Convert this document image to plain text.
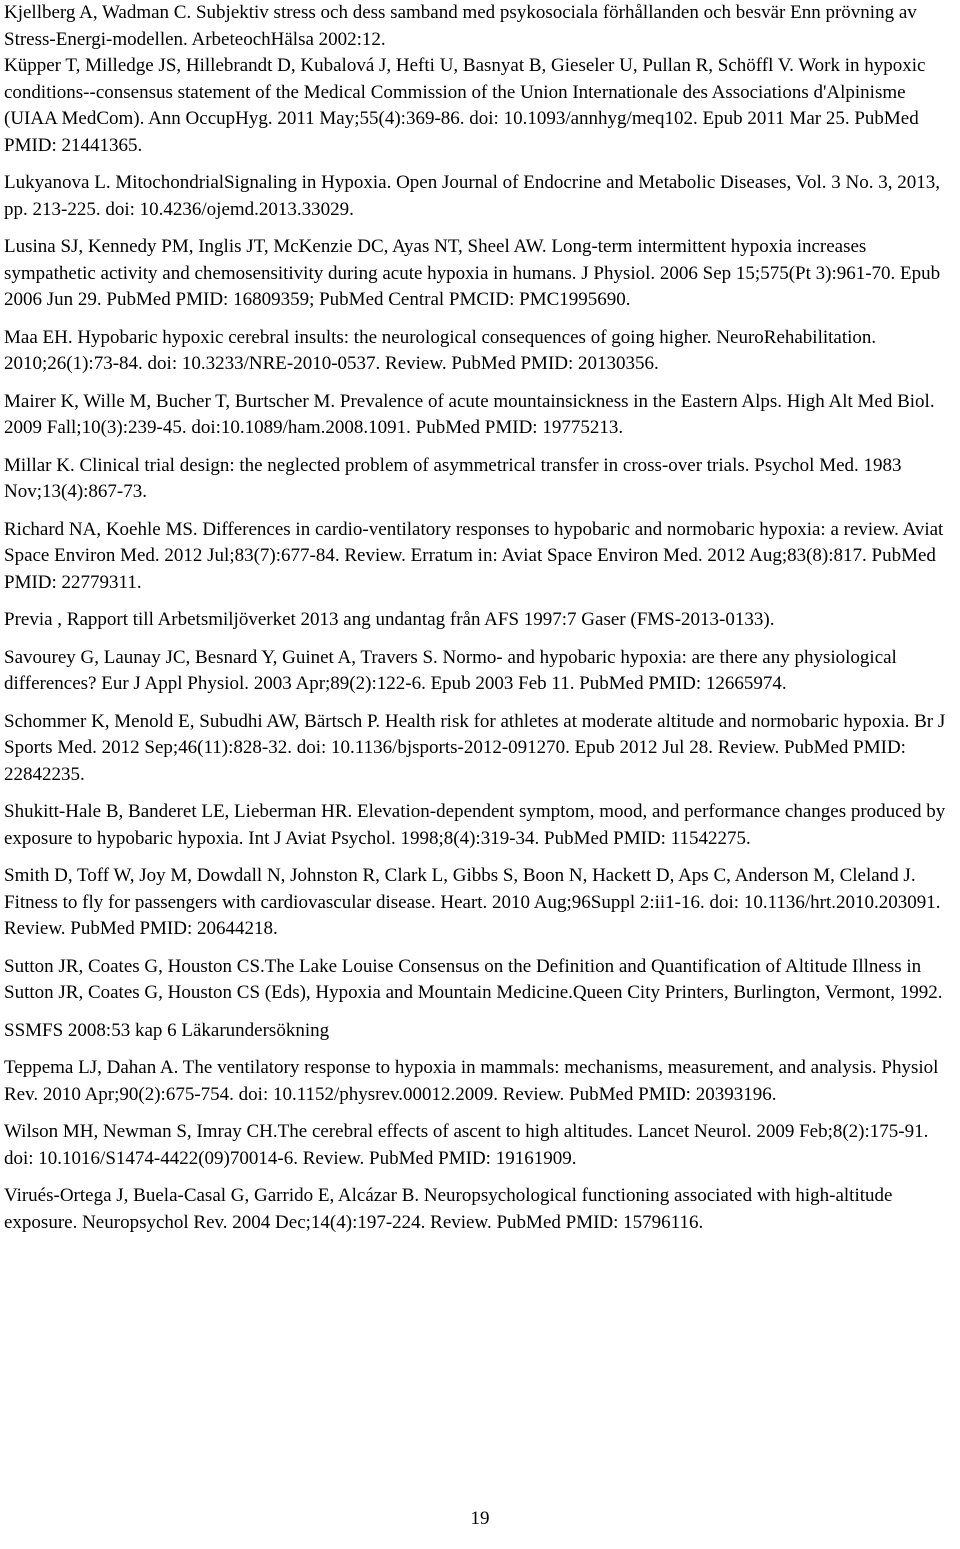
Kjellberg A, Wadman C. Subjektiv stress och dess samband med psykosociala förhållanden och besvär Enn prövning av Stress-Energi-modellen. ArbeteochHälsa 2002:12.

Küpper T, Milledge JS, Hillebrandt D, Kubalová J, Hefti U, Basnyat B, Gieseler U, Pullan R, Schöffl V. Work in hypoxic conditions--consensus statement of the Medical Commission of the Union Internationale des Associations d'Alpinisme (UIAA MedCom). Ann OccupHyg. 2011 May;55(4):369-86. doi: 10.1093/annhyg/meq102. Epub 2011 Mar 25. PubMed PMID: 21441365.

Lukyanova L. MitochondrialSignaling in Hypoxia. Open Journal of Endocrine and Metabolic Diseases, Vol. 3 No. 3, 2013, pp. 213-225. doi: 10.4236/ojemd.2013.33029.

Lusina SJ, Kennedy PM, Inglis JT, McKenzie DC, Ayas NT, Sheel AW. Long-term intermittent hypoxia increases sympathetic activity and chemosensitivity during acute hypoxia in humans. J Physiol. 2006 Sep 15;575(Pt 3):961-70. Epub 2006 Jun 29. PubMed PMID: 16809359; PubMed Central PMCID: PMC1995690.

Maa EH. Hypobaric hypoxic cerebral insults: the neurological consequences of going higher. NeuroRehabilitation. 2010;26(1):73-84. doi: 10.3233/NRE-2010-0537. Review. PubMed PMID: 20130356.

Mairer K, Wille M, Bucher T, Burtscher M. Prevalence of acute mountainsickness in the Eastern Alps. High Alt Med Biol. 2009 Fall;10(3):239-45. doi:10.1089/ham.2008.1091. PubMed PMID: 19775213.

Millar K. Clinical trial design: the neglected problem of asymmetrical transfer in cross-over trials. Psychol Med. 1983 Nov;13(4):867-73.

Richard NA, Koehle MS. Differences in cardio-ventilatory responses to hypobaric and normobaric hypoxia: a review. Aviat Space Environ Med. 2012 Jul;83(7):677-84. Review. Erratum in: Aviat Space Environ Med. 2012 Aug;83(8):817. PubMed PMID: 22779311.

Previa , Rapport till Arbetsmiljöverket 2013 ang undantag från AFS 1997:7 Gaser (FMS-2013-0133).

Savourey G, Launay JC, Besnard Y, Guinet A, Travers S. Normo- and hypobaric hypoxia: are there any physiological differences? Eur J Appl Physiol. 2003 Apr;89(2):122-6. Epub 2003 Feb 11. PubMed PMID: 12665974.

Schommer K, Menold E, Subudhi AW, Bärtsch P. Health risk for athletes at moderate altitude and normobaric hypoxia. Br J Sports Med. 2012 Sep;46(11):828-32. doi: 10.1136/bjsports-2012-091270. Epub 2012 Jul 28. Review. PubMed PMID: 22842235.

Shukitt-Hale B, Banderet LE, Lieberman HR. Elevation-dependent symptom, mood, and performance changes produced by exposure to hypobaric hypoxia. Int J Aviat Psychol. 1998;8(4):319-34. PubMed PMID: 11542275.

Smith D, Toff W, Joy M, Dowdall N, Johnston R, Clark L, Gibbs S, Boon N, Hackett D, Aps C, Anderson M, Cleland J. Fitness to fly for passengers with cardiovascular disease. Heart. 2010 Aug;96Suppl 2:ii1-16. doi: 10.1136/hrt.2010.203091. Review. PubMed PMID: 20644218.

Sutton JR, Coates G, Houston CS.The Lake Louise Consensus on the Definition and Quantification of Altitude Illness in Sutton JR, Coates G, Houston CS (Eds), Hypoxia and Mountain Medicine.Queen City Printers, Burlington, Vermont, 1992.

SSMFS 2008:53 kap 6 Läkarundersökning

Teppema LJ, Dahan A. The ventilatory response to hypoxia in mammals: mechanisms, measurement, and analysis. Physiol Rev. 2010 Apr;90(2):675-754. doi: 10.1152/physrev.00012.2009. Review. PubMed PMID: 20393196.

Wilson MH, Newman S, Imray CH.The cerebral effects of ascent to high altitudes. Lancet Neurol. 2009 Feb;8(2):175-91. doi: 10.1016/S1474-4422(09)70014-6. Review. PubMed PMID: 19161909.

Virués-Ortega J, Buela-Casal G, Garrido E, Alcázar B. Neuropsychological functioning associated with high-altitude exposure. Neuropsychol Rev. 2004 Dec;14(4):197-224. Review. PubMed PMID: 15796116.

19
